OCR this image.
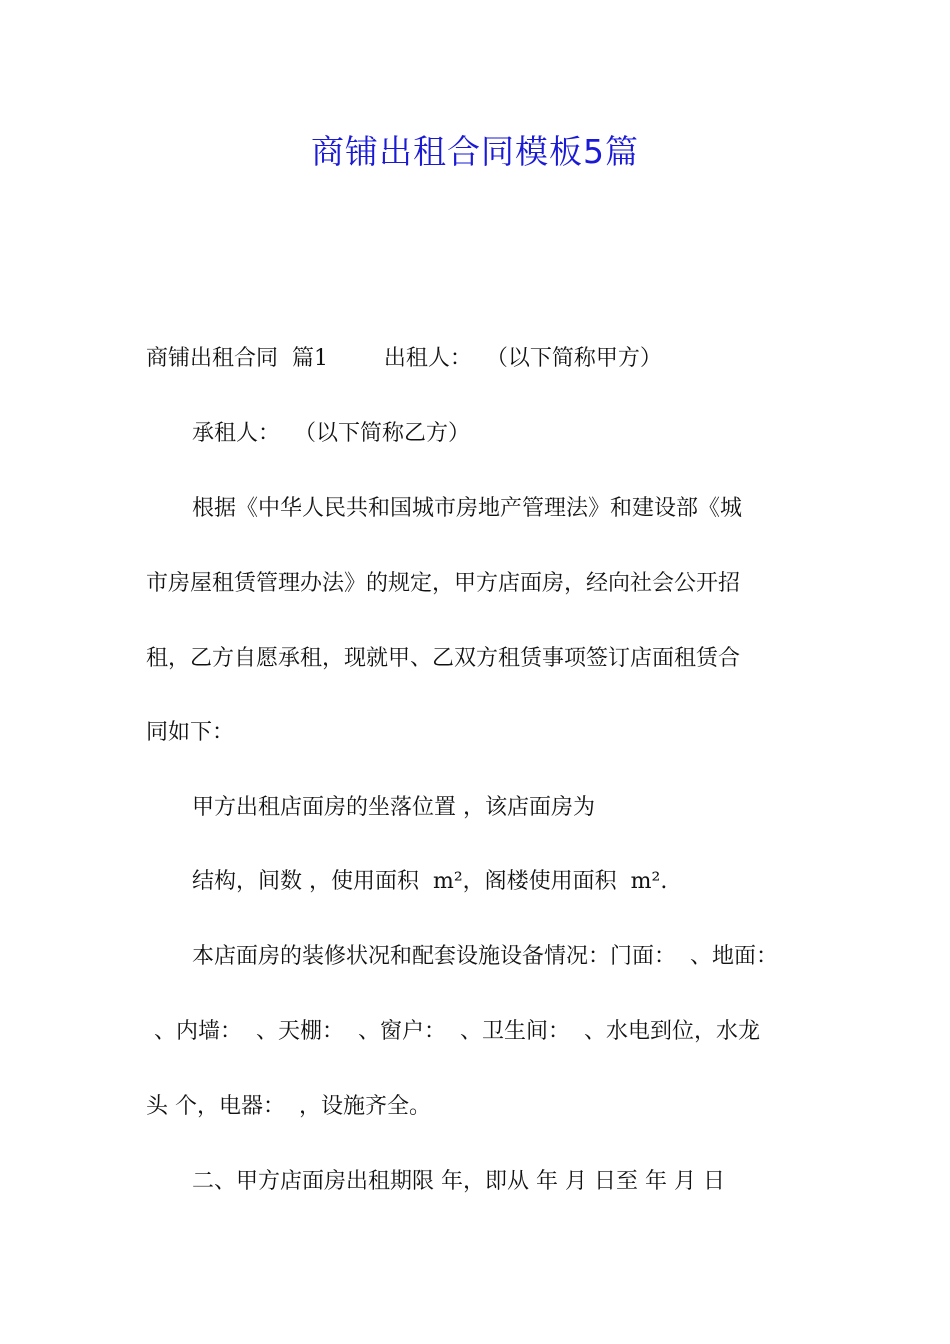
商铺出租合同模板5篇
商铺出租合同  篇1        出租人：  （以下简称甲方）
承租人：  （以下简称乙方）
根据《中华人民共和国城市房地产管理法》和建设部《城
市房屋租赁管理办法》的规定，甲方店面房，经向社会公开招
租，乙方自愿承租，现就甲、乙双方租赁事项签订店面租赁合
同如下：
甲方出租店面房的坐落位置 ，该店面房为
结构，间数 ，使用面积  m²，阁楼使用面积  m².
本店面房的装修状况和配套设施设备情况：门面：  、地面：
、内墙：  、天棚：  、窗户：  、卫生间：  、水电到位，水龙
头 个，电器：  ，设施齐全。
二、甲方店面房出租期限 年，即从 年 月 日至 年 月 日
